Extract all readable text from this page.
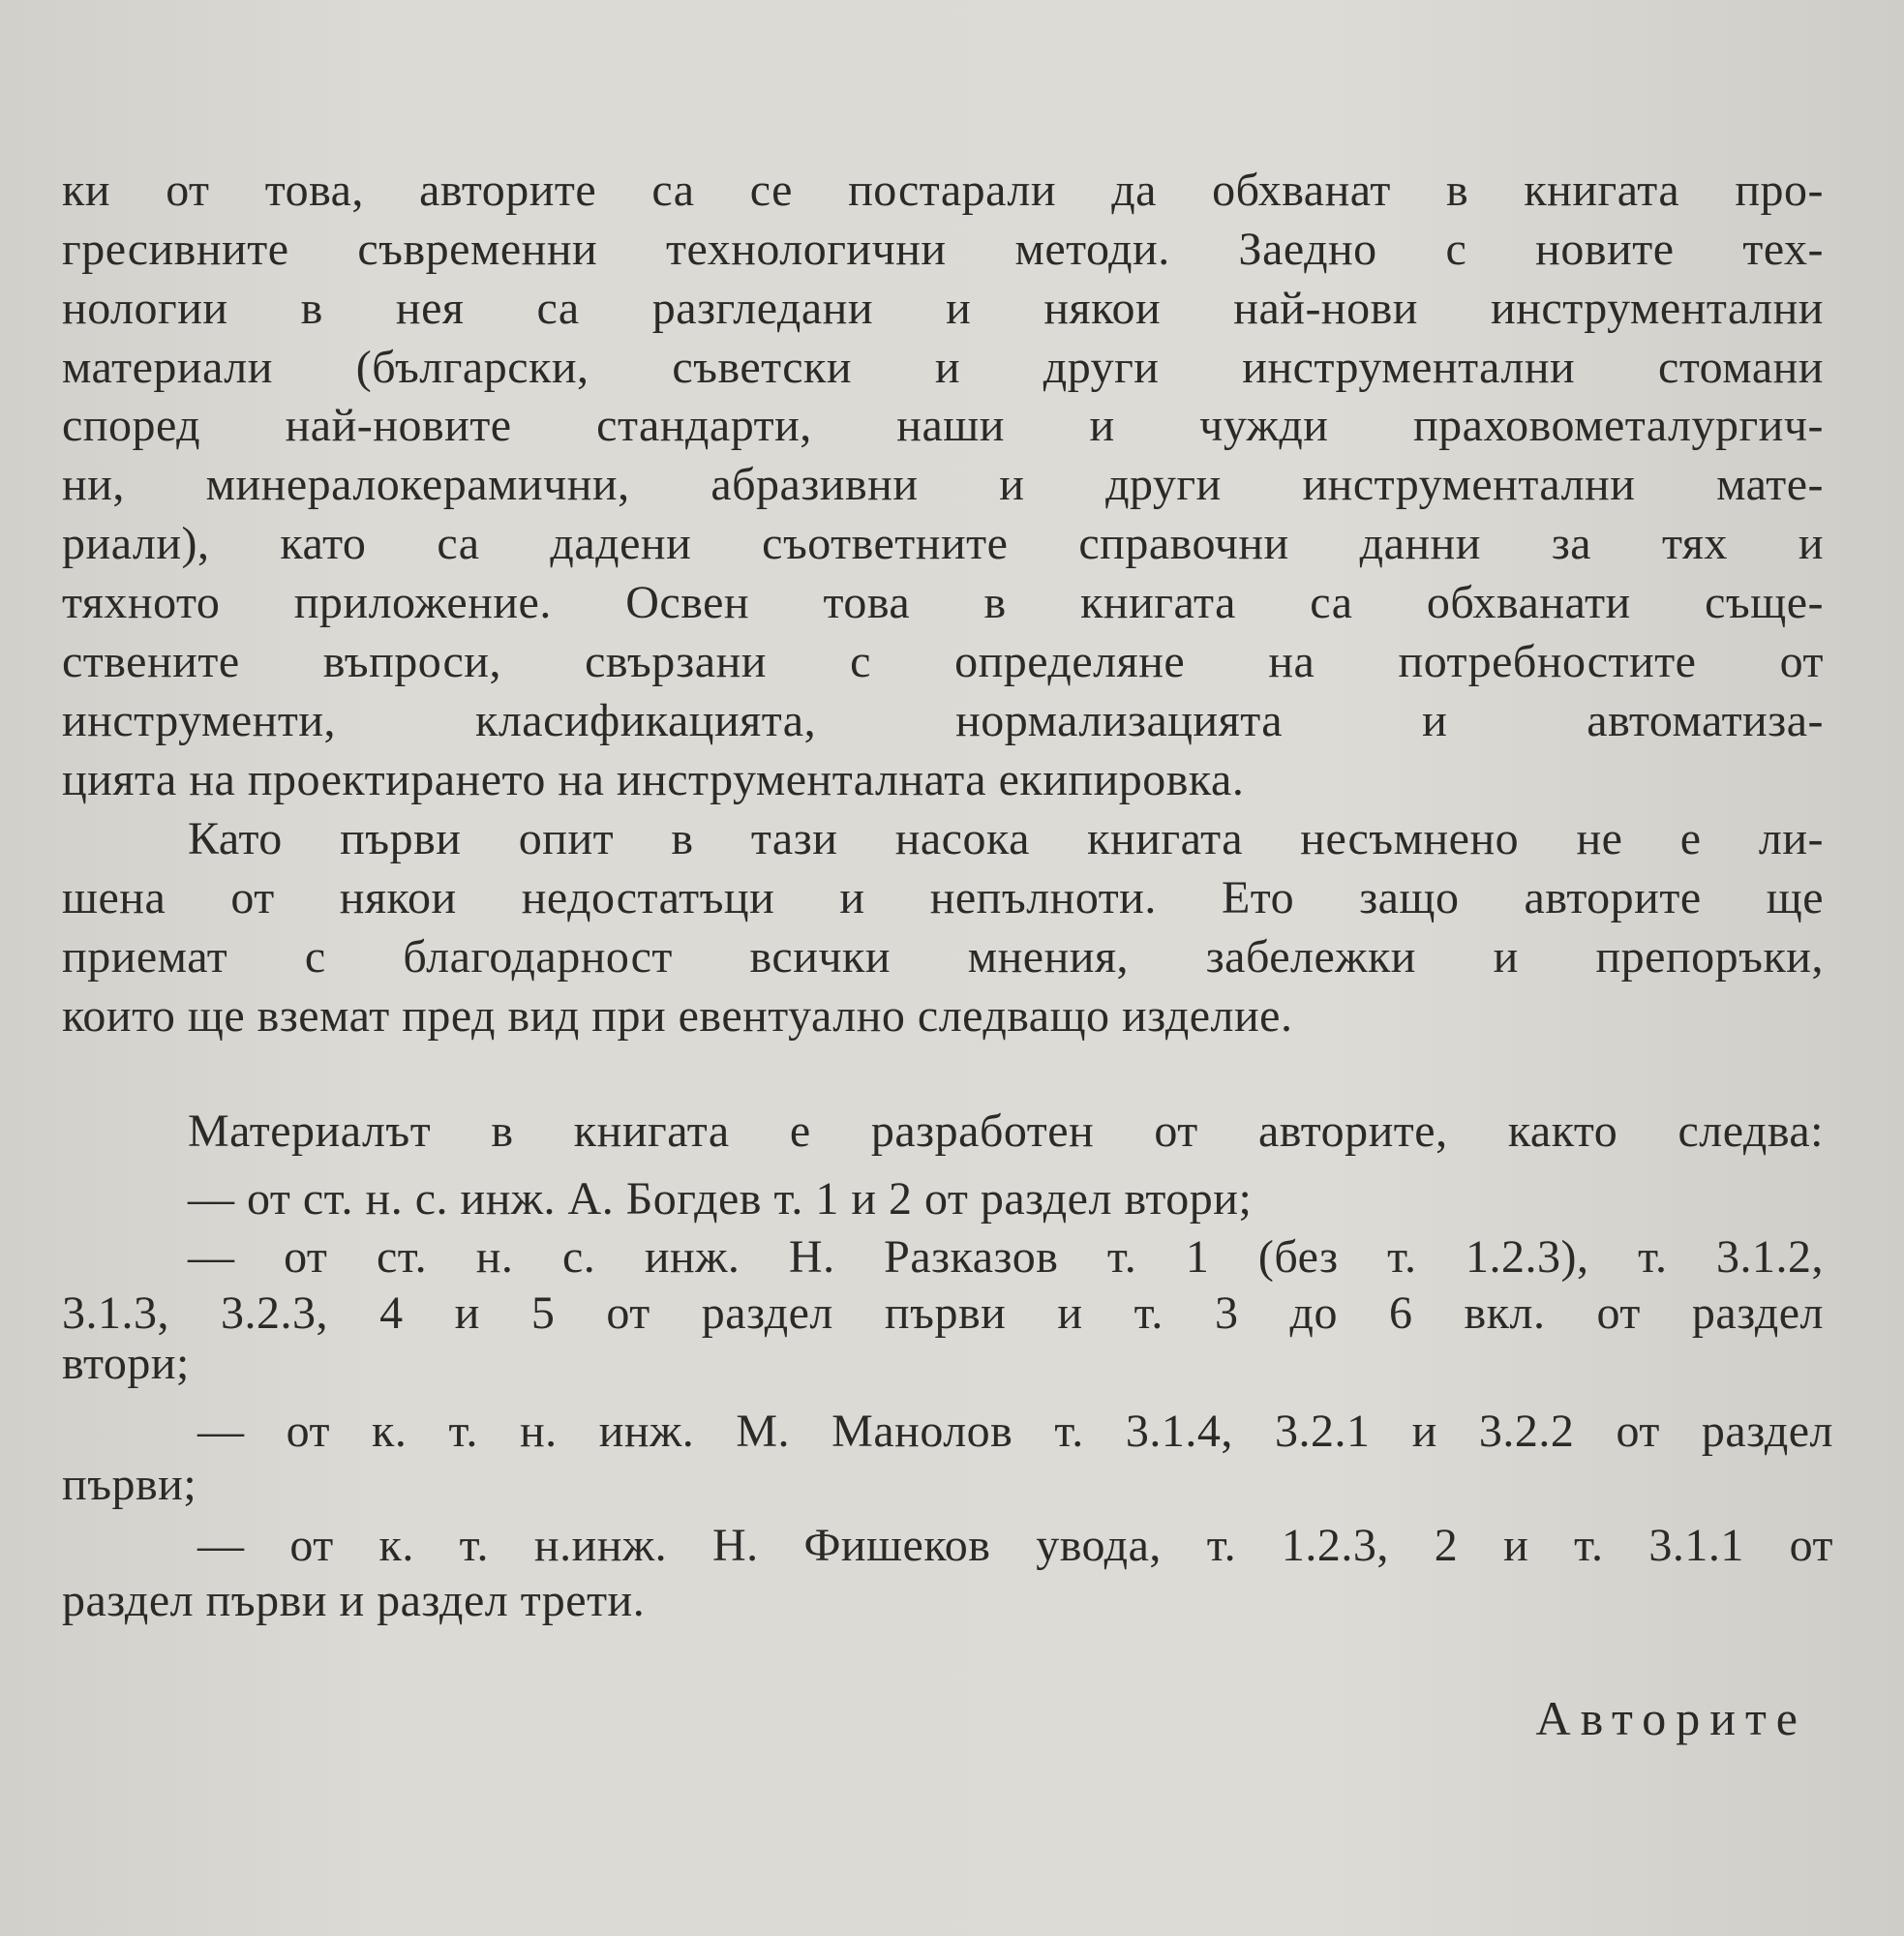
ки от това, авторите са се постарали да обхванат в книгата про-
гресивните съвременни технологични методи. Заедно с новите тех-
нологии в нея са разгледани и някои най-нови инструментални
материали (български, съветски и други инструментални стомани
според най-новите стандарти, наши и чужди праховометалургич-
ни, минералокерамични, абразивни и други инструментални мате-
риали), като са дадени съответните справочни данни за тях и
тяхното приложение. Освен това в книгата са обхванати съще-
ствените въпроси, свързани с определяне на потребностите от
инструменти, класификацията, нормализацията и автоматиза-
цията на проектирането на инструменталната екипировка.
Като първи опит в тази насока книгата несъмнено не е ли-
шена от някои недостатъци и непълноти. Ето защо авторите ще
приемат с благодарност всички мнения, забележки и препоръки,
които ще вземат пред вид при евентуално следващо изделие.
Материалът в книгата е разработен от авторите, както следва:
— от ст. н. с. инж. А. Богдев т. 1 и 2 от раздел втори;
— от ст. н. с. инж. Н. Разказов т. 1 (без т. 1.2.3), т. 3.1.2,
3.1.3, 3.2.3, 4 и 5 от раздел първи и т. 3 до 6 вкл. от раздел
втори;
— от к. т. н. инж. М. Манолов т. 3.1.4, 3.2.1 и 3.2.2 от раздел
първи;
— от к. т. н.инж. Н. Фишеков увода, т. 1.2.3, 2 и т. 3.1.1 от
раздел първи и раздел трети.
Авторите
